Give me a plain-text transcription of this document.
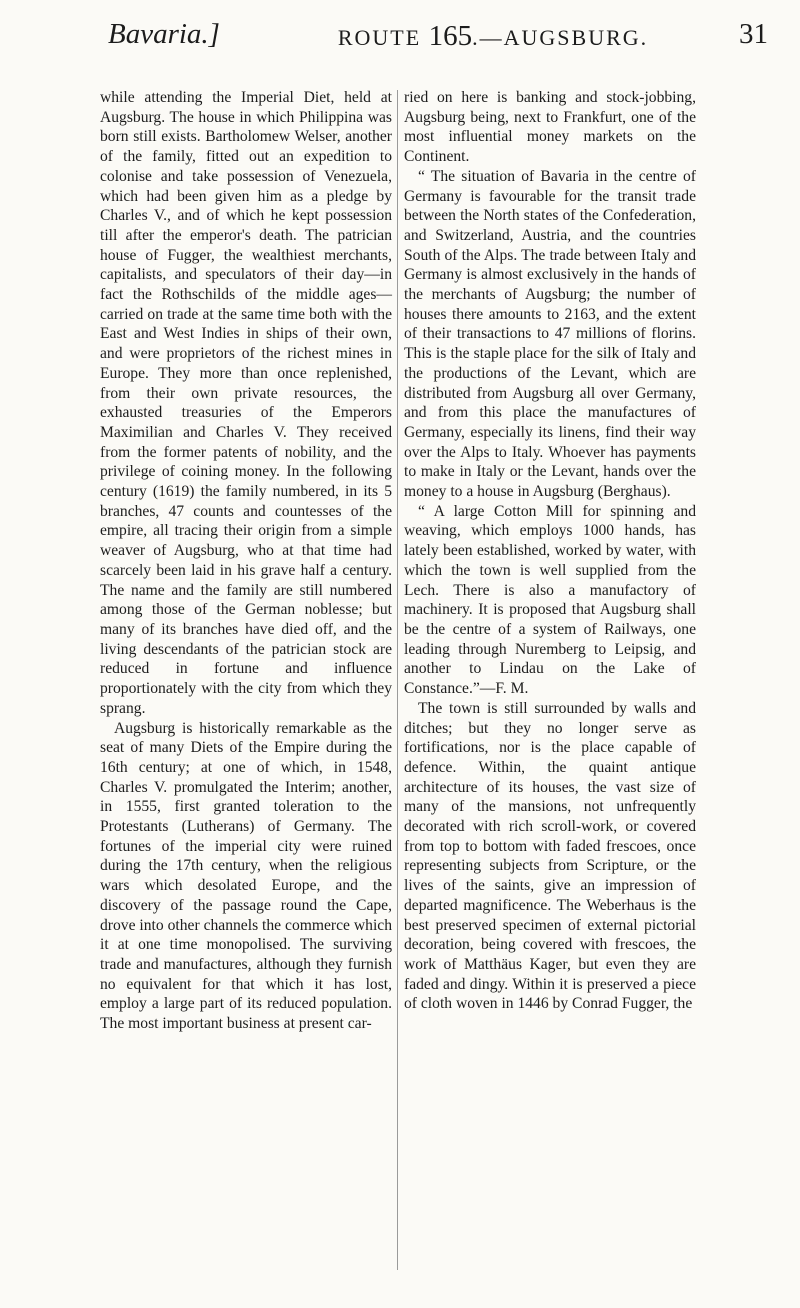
Bavaria.]	ROUTE 165.—AUGSBURG.	31

while attending the Imperial Diet, held at Augsburg. The house in which Philippina was born still exists. Bartholomew Welser, another of the family, fitted out an expedition to colonise and take possession of Venezuela, which had been given him as a pledge by Charles V., and of which he kept possession till after the emperor's death. The patrician house of Fugger, the wealthiest merchants, capitalists, and speculators of their day—in fact the Rothschilds of the middle ages—carried on trade at the same time both with the East and West Indies in ships of their own, and were proprietors of the richest mines in Europe. They more than once replenished, from their own private resources, the exhausted treasuries of the Emperors Maximilian and Charles V. They received from the former patents of nobility, and the privilege of coining money. In the following century (1619) the family numbered, in its 5 branches, 47 counts and countesses of the empire, all tracing their origin from a simple weaver of Augsburg, who at that time had scarcely been laid in his grave half a century. The name and the family are still numbered among those of the German noblesse; but many of its branches have died off, and the living descendants of the patrician stock are reduced in fortune and influence proportionately with the city from which they sprang.

Augsburg is historically remarkable as the seat of many Diets of the Empire during the 16th century; at one of which, in 1548, Charles V. promulgated the Interim; another, in 1555, first granted toleration to the Protestants (Lutherans) of Germany. The fortunes of the imperial city were ruined during the 17th century, when the religious wars which desolated Europe, and the discovery of the passage round the Cape, drove into other channels the commerce which it at one time monopolised. The surviving trade and manufactures, although they furnish no equivalent for that which it has lost, employ a large part of its reduced population. The most important business at present car-

ried on here is banking and stock-jobbing, Augsburg being, next to Frankfurt, one of the most influential money markets on the Continent.

“ The situation of Bavaria in the centre of Germany is favourable for the transit trade between the North states of the Confederation, and Switzerland, Austria, and the countries South of the Alps. The trade between Italy and Germany is almost exclusively in the hands of the merchants of Augsburg; the number of houses there amounts to 2163, and the extent of their transactions to 47 millions of florins. This is the staple place for the silk of Italy and the productions of the Levant, which are distributed from Augsburg all over Germany, and from this place the manufactures of Germany, especially its linens, find their way over the Alps to Italy. Whoever has payments to make in Italy or the Levant, hands over the money to a house in Augsburg (Berghaus).

“ A large Cotton Mill for spinning and weaving, which employs 1000 hands, has lately been established, worked by water, with which the town is well supplied from the Lech. There is also a manufactory of machinery. It is proposed that Augsburg shall be the centre of a system of Railways, one leading through Nuremberg to Leipsig, and another to Lindau on the Lake of Constance.”—F. M.

The town is still surrounded by walls and ditches; but they no longer serve as fortifications, nor is the place capable of defence. Within, the quaint antique architecture of its houses, the vast size of many of the mansions, not unfrequently decorated with rich scroll-work, or covered from top to bottom with faded frescoes, once representing subjects from Scripture, or the lives of the saints, give an impression of departed magnificence. The Weberhaus is the best preserved specimen of external pictorial decoration, being covered with frescoes, the work of Matthäus Kager, but even they are faded and dingy. Within it is preserved a piece of cloth woven in 1446 by Conrad Fugger, the
